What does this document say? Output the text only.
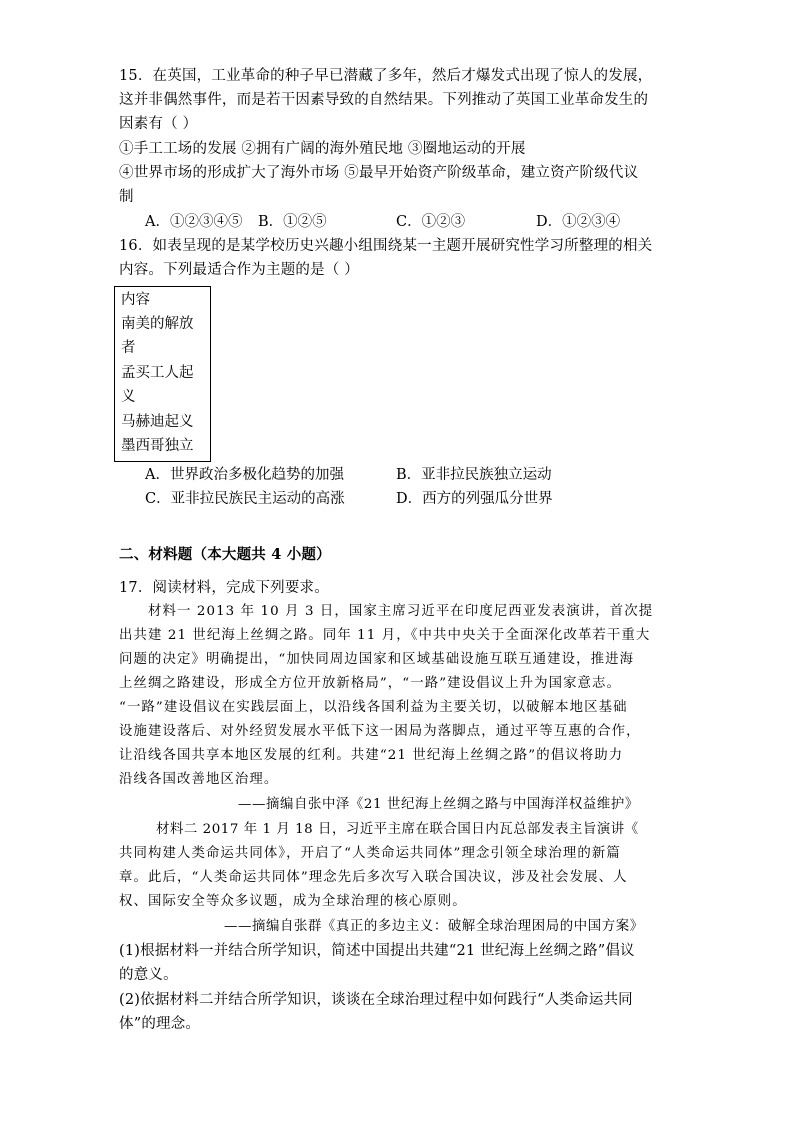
15．在英国，工业革命的种子早已潜藏了多年，然后才爆发式出现了惊人的发展，
这并非偶然事件，而是若干因素导致的自然结果。下列推动了英国工业革命发生的
因素有（ ）
①手工工场的发展 ②拥有广阔的海外殖民地 ③圈地运动的开展
④世界市场的形成扩大了海外市场 ⑤最早开始资产阶级革命，建立资产阶级代议
制
A．①②③④⑤ B．①②⑤	C．①②③	D．①②③④
16．如表呈现的是某学校历史兴趣小组围绕某一主题开展研究性学习所整理的相关
内容。下列最适合作为主题的是（ ）
内容
南美的解放
者
孟买工人起
义
马赫迪起义
墨西哥独立
A．世界政治多极化趋势的加强	B．亚非拉民族独立运动
C．亚非拉民族民主运动的高涨	D．西方的列强瓜分世界
二、材料题（本大题共 4 小题）
17．阅读材料，完成下列要求。
材料一 2013 年 10 月 3 日，国家主席习近平在印度尼西亚发表演讲，首次提
出共建 21 世纪海上丝绸之路。同年 11 月，《中共中央关于全面深化改革若干重大
问题的决定》明确提出，“加快同周边国家和区域基础设施互联互通建设，推进海
上丝绸之路建设，形成全方位开放新格局”，“一路”建设倡议上升为国家意志。
“一路”建设倡议在实践层面上，以沿线各国利益为主要关切，以破解本地区基础
设施建设落后、对外经贸发展水平低下这一困局为落脚点，通过平等互惠的合作，
让沿线各国共享本地区发展的红利。共建“21 世纪海上丝绸之路”的倡议将助力
沿线各国改善地区治理。
——摘编自张中泽《21 世纪海上丝绸之路与中国海洋权益维护》
材料二 2017 年 1 月 18 日，习近平主席在联合国日内瓦总部发表主旨演讲《
共同构建人类命运共同体》，开启了“人类命运共同体”理念引领全球治理的新篇
章。此后，“人类命运共同体”理念先后多次写入联合国决议，涉及社会发展、人
权、国际安全等众多议题，成为全球治理的核心原则。
——摘编自张群《真正的多边主义：破解全球治理困局的中国方案》
(1)根据材料一并结合所学知识，简述中国提出共建“21 世纪海上丝绸之路”倡议
的意义。
(2)依据材料二并结合所学知识，谈谈在全球治理过程中如何践行“人类命运共同
体”的理念。
